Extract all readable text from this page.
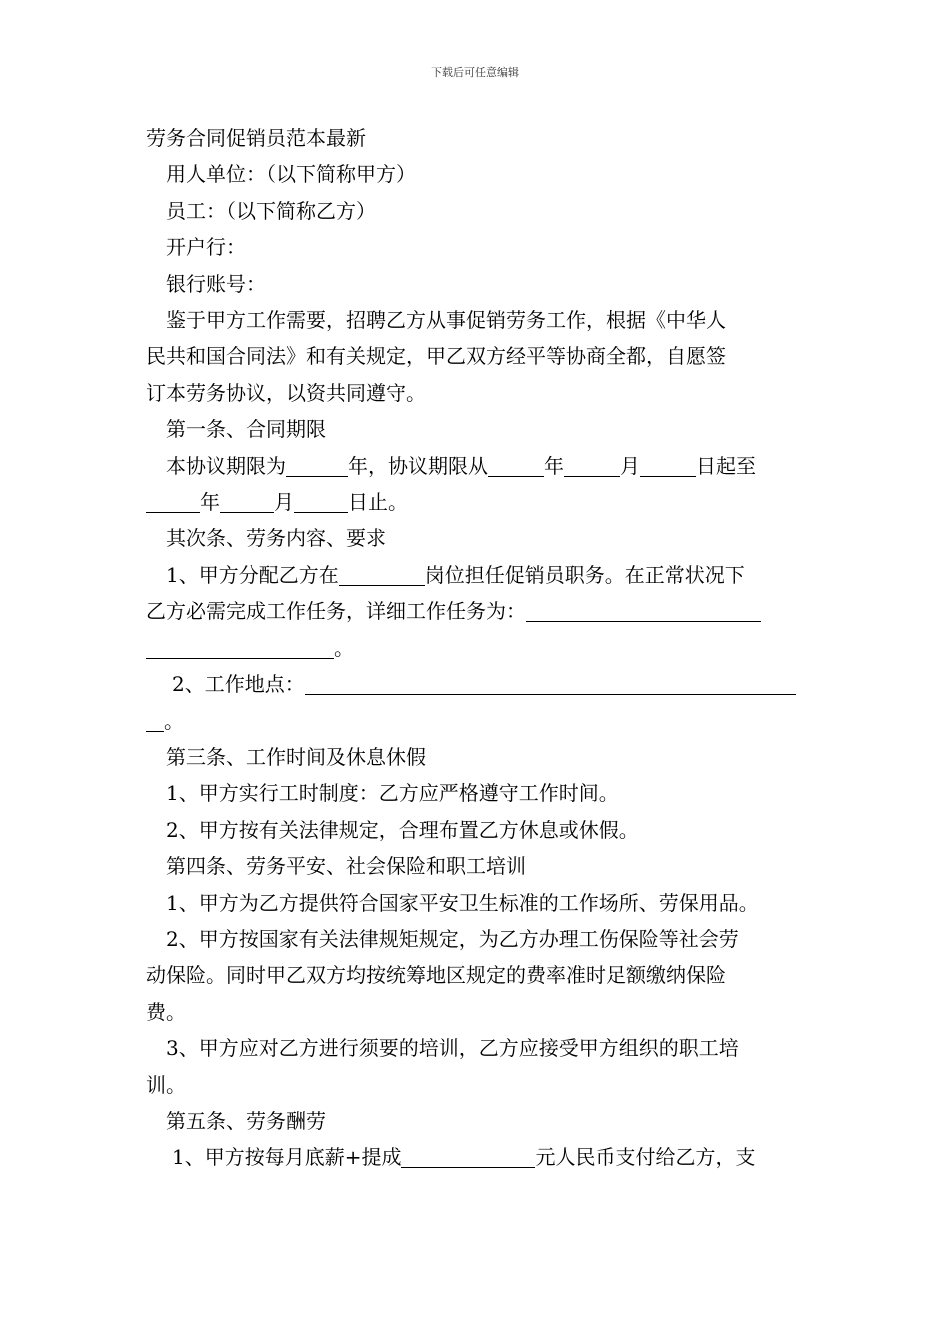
下载后可任意编辑
劳务合同促销员范本最新
用人单位：（以下简称甲方）
员工：（以下简称乙方）
开户行：
银行账号：
鉴于甲方工作需要，招聘乙方从事促销劳务工作，根据《中华人
民共和国合同法》和有关规定，甲乙双方经平等协商全都，自愿签
订本劳务协议，以资共同遵守。
第一条、合同期限
本协议期限为	年，协议期限从	年	月	日起至
年	月	日止。
其次条、劳务内容、要求
1、甲方分配乙方在	岗位担任促销员职务。在正常状况下
乙方必需完成工作任务，详细工作任务为：
。
2、工作地点：
。
第三条、工作时间及休息休假
1、甲方实行工时制度：乙方应严格遵守工作时间。
2、甲方按有关法律规定，合理布置乙方休息或休假。
第四条、劳务平安、社会保险和职工培训
1、甲方为乙方提供符合国家平安卫生标准的工作场所、劳保用品。
2、甲方按国家有关法律规矩规定，为乙方办理工伤保险等社会劳
动保险。同时甲乙双方均按统筹地区规定的费率准时足额缴纳保险
费。
3、甲方应对乙方进行须要的培训，乙方应接受甲方组织的职工培
训。
第五条、劳务酬劳
1、甲方按每月底薪+提成	元人民币支付给乙方，支
